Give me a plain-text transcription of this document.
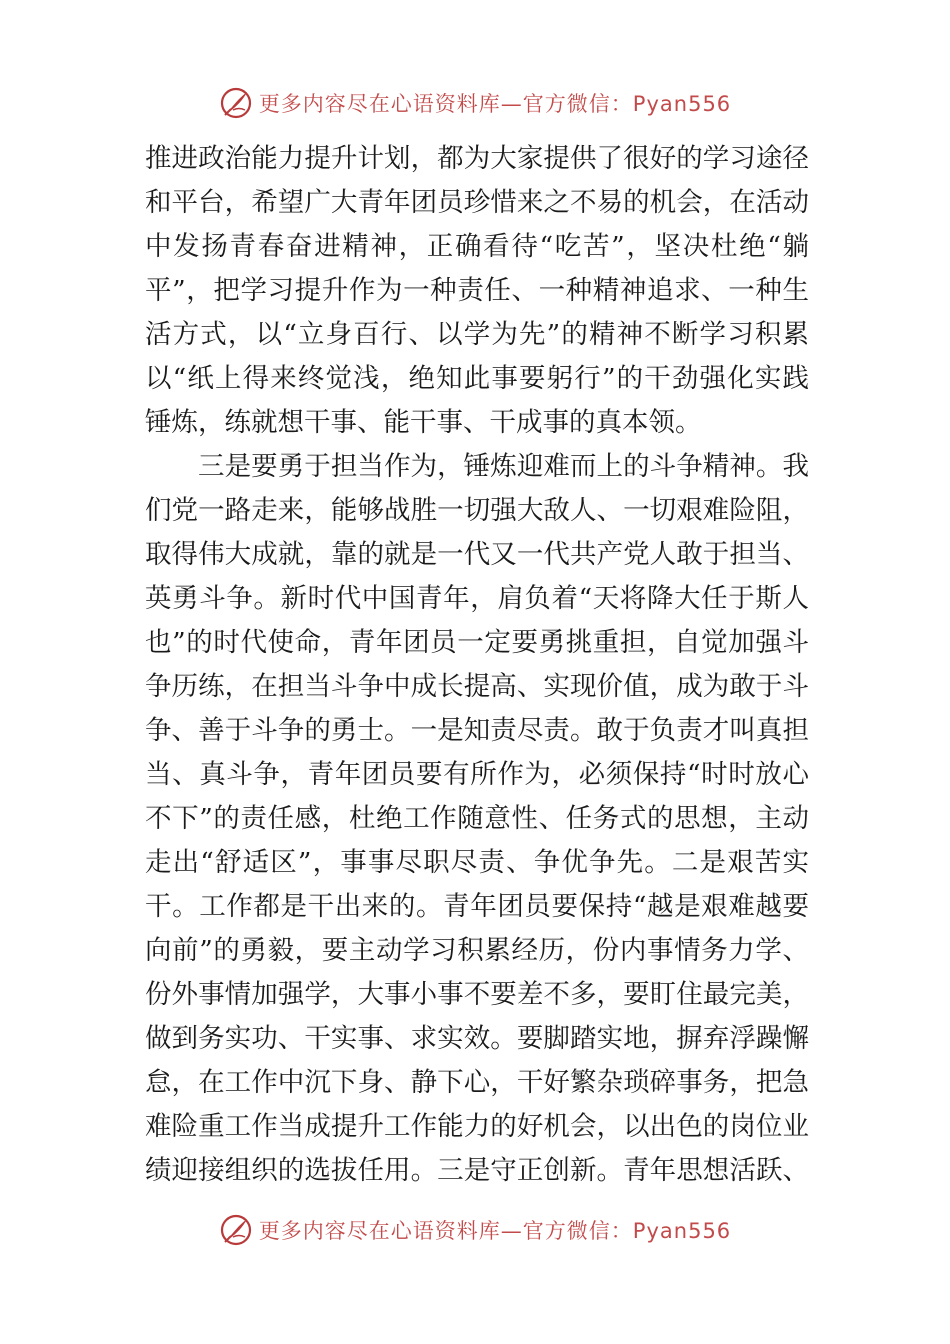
更多内容尽在心语资料库—官方微信：Pyan556
推进政治能力提升计划，都为大家提供了很好的学习途径
和平台，希望广大青年团员珍惜来之不易的机会，在活动
中发扬青春奋进精神，正确看待“吃苦”，坚决杜绝“躺
平”，把学习提升作为一种责任、一种精神追求、一种生
活方式，以“立身百行、以学为先”的精神不断学习积累
以“纸上得来终觉浅，绝知此事要躬行”的干劲强化实践
锤炼，练就想干事、能干事、干成事的真本领。
三是要勇于担当作为，锤炼迎难而上的斗争精神。我
们党一路走来，能够战胜一切强大敌人、一切艰难险阻，
取得伟大成就，靠的就是一代又一代共产党人敢于担当、
英勇斗争。新时代中国青年，肩负着“天将降大任于斯人
也”的时代使命，青年团员一定要勇挑重担，自觉加强斗
争历练，在担当斗争中成长提高、实现价值，成为敢于斗
争、善于斗争的勇士。一是知责尽责。敢于负责才叫真担
当、真斗争，青年团员要有所作为，必须保持“时时放心
不下”的责任感，杜绝工作随意性、任务式的思想，主动
走出“舒适区”，事事尽职尽责、争优争先。二是艰苦实
干。工作都是干出来的。青年团员要保持“越是艰难越要
向前”的勇毅，要主动学习积累经历，份内事情务力学、
份外事情加强学，大事小事不要差不多，要盯住最完美，
做到务实功、干实事、求实效。要脚踏实地，摒弃浮躁懈
怠，在工作中沉下身、静下心，干好繁杂琐碎事务，把急
难险重工作当成提升工作能力的好机会，以出色的岗位业
绩迎接组织的选拔任用。三是守正创新。青年思想活跃、
更多内容尽在心语资料库—官方微信：Pyan556
